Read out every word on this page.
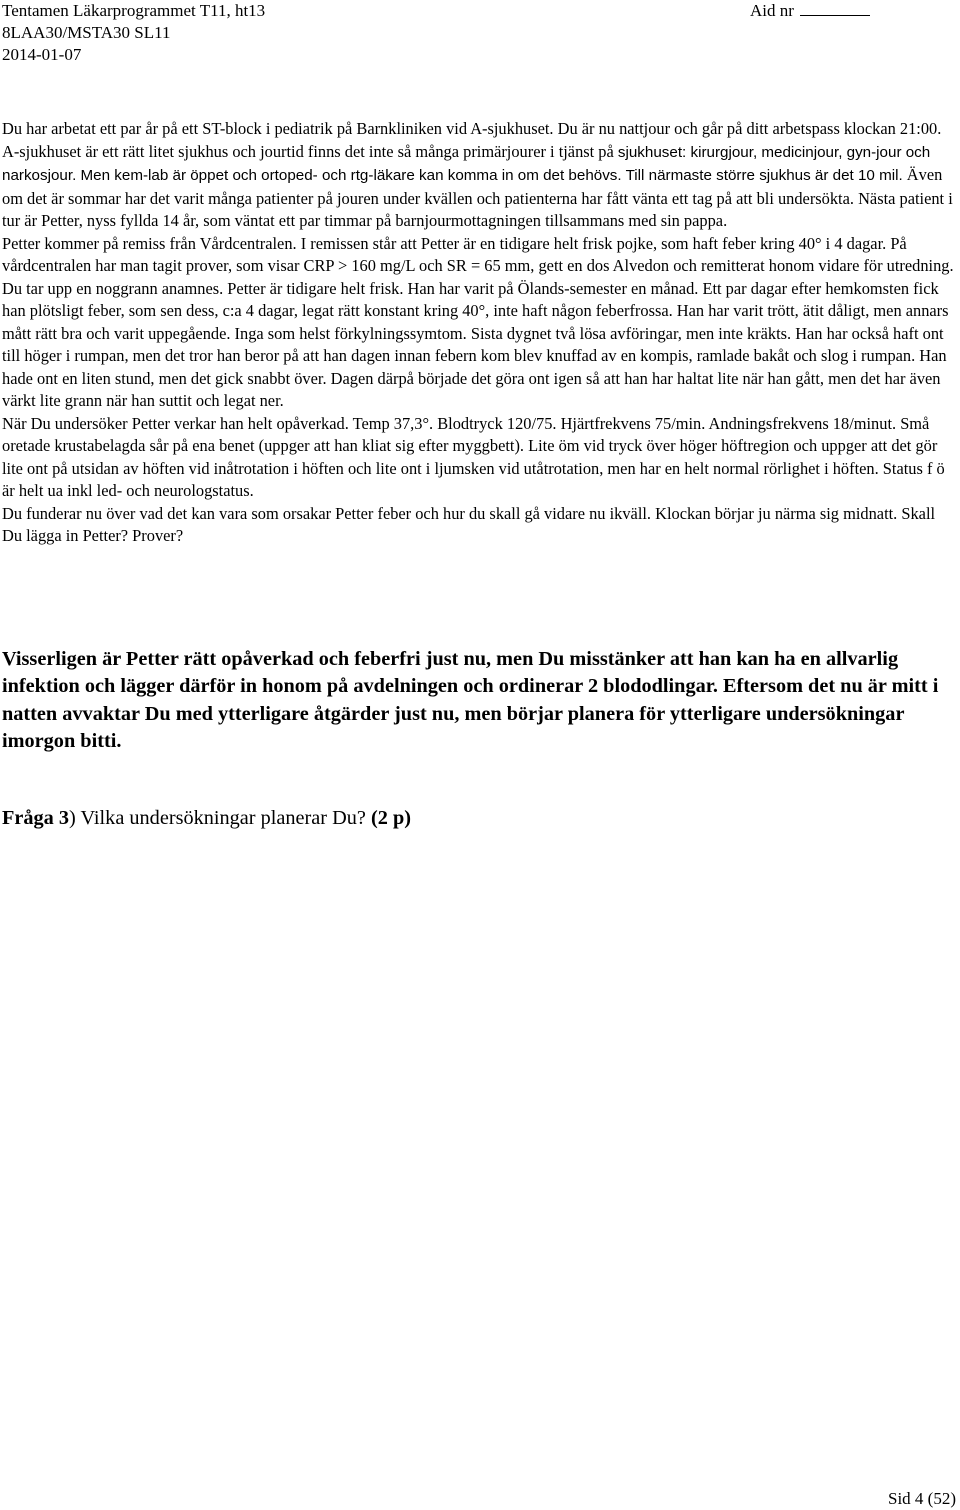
Tentamen Läkarprogrammet T11, ht13
8LAA30/MSTA30 SL11
2014-01-07
Aid nr

Du har arbetat ett par år på ett ST-block i pediatrik på Barnkliniken vid A-sjukhuset. Du är nu nattjour och går på ditt arbetspass klockan 21:00. A-sjukhuset är ett rätt litet sjukhus och jourtid finns det inte så många primärjourer i tjänst på sjukhuset: kirurgjour, medicinjour, gyn-jour och narkosjour. Men kem-lab är öppet och ortoped- och rtg-läkare kan komma in om det behövs. Till närmaste större sjukhus är det 10 mil. Även om det är sommar har det varit många patienter på jouren under kvällen och patienterna har fått vänta ett tag på att bli undersökta. Nästa patient i tur är Petter, nyss fyllda 14 år, som väntat ett par timmar på barnjourmottagningen tillsammans med sin pappa.

Petter kommer på remiss från Vårdcentralen. I remissen står att Petter är en tidigare helt frisk pojke, som haft feber kring 40° i 4 dagar. På vårdcentralen har man tagit prover, som visar CRP > 160 mg/L och SR = 65 mm, gett en dos Alvedon och remitterat honom vidare för utredning.

Du tar upp en noggrann anamnes. Petter är tidigare helt frisk. Han har varit på Ölands-semester en månad. Ett par dagar efter hemkomsten fick han plötsligt feber, som sen dess, c:a 4 dagar, legat rätt konstant kring 40°, inte haft någon feberfrossa. Han har varit trött, ätit dåligt, men annars mått rätt bra och varit uppegående. Inga som helst förkylningssymtom. Sista dygnet två lösa avföringar, men inte kräkts. Han har också haft ont till höger i rumpan, men det tror han beror på att han dagen innan febern kom blev knuffad av en kompis, ramlade bakåt och slog i rumpan. Han hade ont en liten stund, men det gick snabbt över. Dagen därpå började det göra ont igen så att han har haltat lite när han gått, men det har även värkt lite grann när han suttit och legat ner.

När Du undersöker Petter verkar han helt opåverkad. Temp 37,3°. Blodtryck 120/75. Hjärtfrekvens 75/min. Andningsfrekvens 18/minut. Små oretade krustabelagda sår på ena benet (uppger att han kliat sig efter myggbett). Lite öm vid tryck över höger höftregion och uppger att det gör lite ont på utsidan av höften vid inåtrotation i höften och lite ont i ljumsken vid utåtrotation, men har en helt normal rörlighet i höften. Status f ö är helt ua inkl led- och neurologstatus.

Du funderar nu över vad det kan vara som orsakar Petter feber och hur du skall gå vidare nu ikväll. Klockan börjar ju närma sig midnatt. Skall Du lägga in Petter? Prover?

Visserligen är Petter rätt opåverkad och feberfri just nu, men Du misstänker att han kan ha en allvarlig infektion och lägger därför in honom på avdelningen och ordinerar 2 blododlingar. Eftersom det nu är mitt i natten avvaktar Du med ytterligare åtgärder just nu, men börjar planera för ytterligare undersökningar imorgon bitti.

Fråga 3) Vilka undersökningar planerar Du? (2 p)
Sid 4 (52)
